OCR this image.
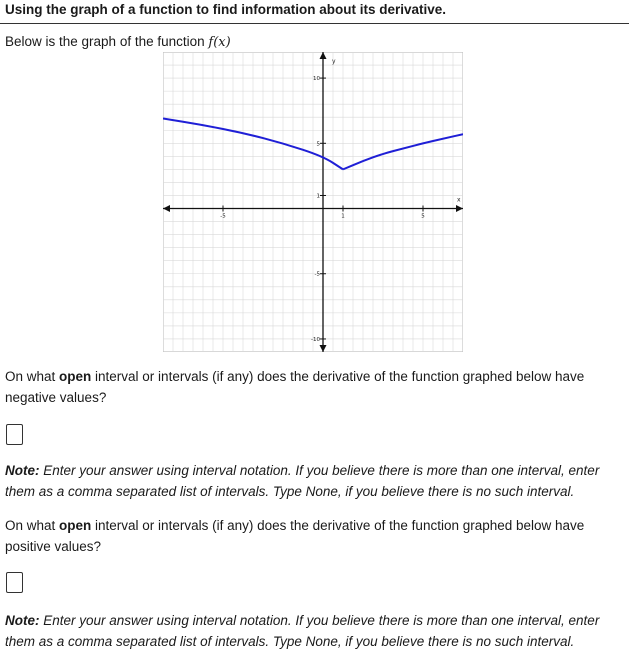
Using the graph of a function to find information about its derivative.
Below is the graph of the function f(x)
10
5
1
-5
-10
-5	1	5
y
x
On what open interval or intervals (if any) does the derivative of the function graphed below have negative values?
Note: Enter your answer using interval notation. If you believe there is more than one interval, enter them as a comma separated list of intervals. Type None, if you believe there is no such interval.
On what open interval or intervals (if any) does the derivative of the function graphed below have positive values?
Note: Enter your answer using interval notation. If you believe there is more than one interval, enter them as a comma separated list of intervals. Type None, if you believe there is no such interval.
